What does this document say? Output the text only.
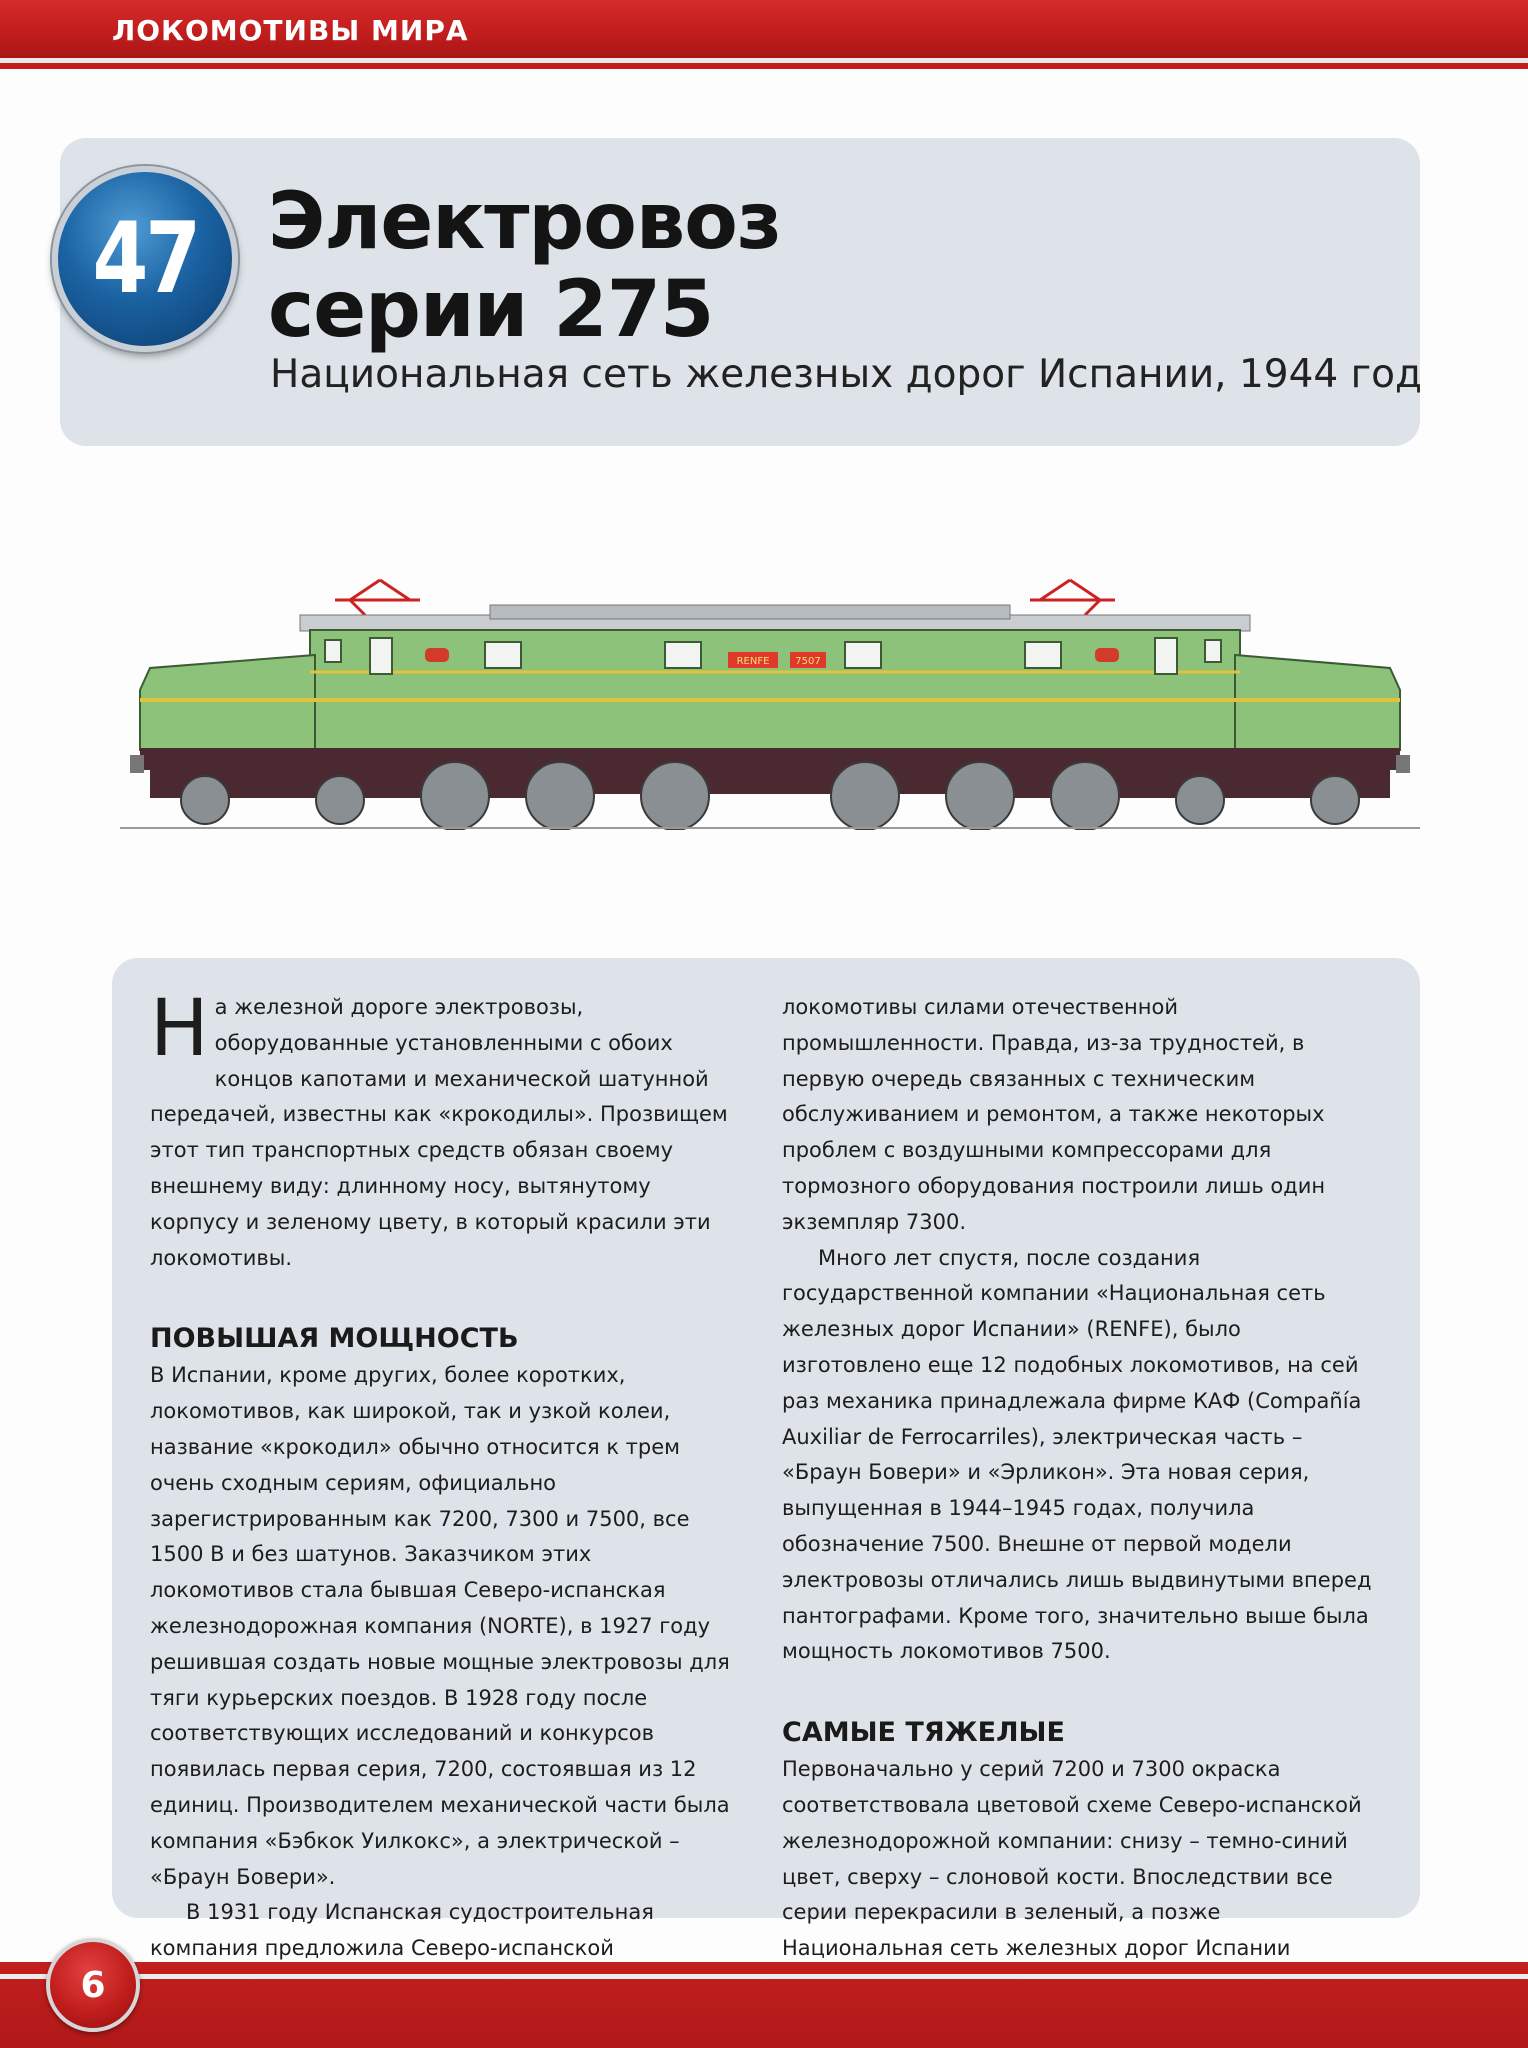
ЛОКОМОТИВЫ МИРА
47 Электровоз
серии 275
Национальная сеть железных дорог Испании, 1944 год
RENFE	7507

На железной дороге электровозы, оборудованные установленными с обоих концов капотами и механической шатунной передачей, известны как «крокодилы». Прозвищем этот тип транспортных средств обязан своему внешнему виду: длинному носу, вытянутому корпусу и зеленому цвету, в который красили эти локомотивы.

ПОВЫШАЯ МОЩНОСТЬ

В Испании, кроме других, более коротких, локомотивов, как широкой, так и узкой колеи, название «крокодил» обычно относится к трем очень сходным сериям, официально зарегистрированным как 7200, 7300 и 7500, все 1500 В и без шатунов. Заказчиком этих локомотивов стала бывшая Северо-испанская железнодорожная компания (NORTE), в 1927 году решившая создать новые мощные электровозы для тяги курьерских поездов. В 1928 году после соответствующих исследований и конкурсов появилась первая серия, 7200, состоявшая из 12 единиц. Производителем механической части была компания «Бэбкок Уилкокс», а электрической – «Браун Бовери».

В 1931 году Испанская судостроительная компания предложила Северо-испанской

локомотивы силами отечественной промышленности. Правда, из-за трудностей, в первую очередь связанных с техническим обслуживанием и ремонтом, а также некоторых проблем с воздушными компрессорами для тормозного оборудования построили лишь один экземпляр 7300.

Много лет спустя, после создания государственной компании «Национальная сеть железных дорог Испании» (RENFE), было изготовлено еще 12 подобных локомотивов, на сей раз механика принадлежала фирме КАФ (Compañía Auxiliar de Ferrocarriles), электрическая часть – «Браун Бовери» и «Эрликон». Эта новая серия, выпущенная в 1944–1945 годах, получила обозначение 7500. Внешне от первой модели электровозы отличались лишь выдвинутыми вперед пантографами. Кроме того, значительно выше была мощность локомотивов 7500.

САМЫЕ ТЯЖЕЛЫЕ

Первоначально у серий 7200 и 7300 окраска соответствовала цветовой схеме Северо-испанской железнодорожной компании: снизу – темно-синий цвет, сверху – слоновой кости. Впоследствии все серии перекрасили в зеленый, а позже Национальная сеть железных дорог Испании

6
